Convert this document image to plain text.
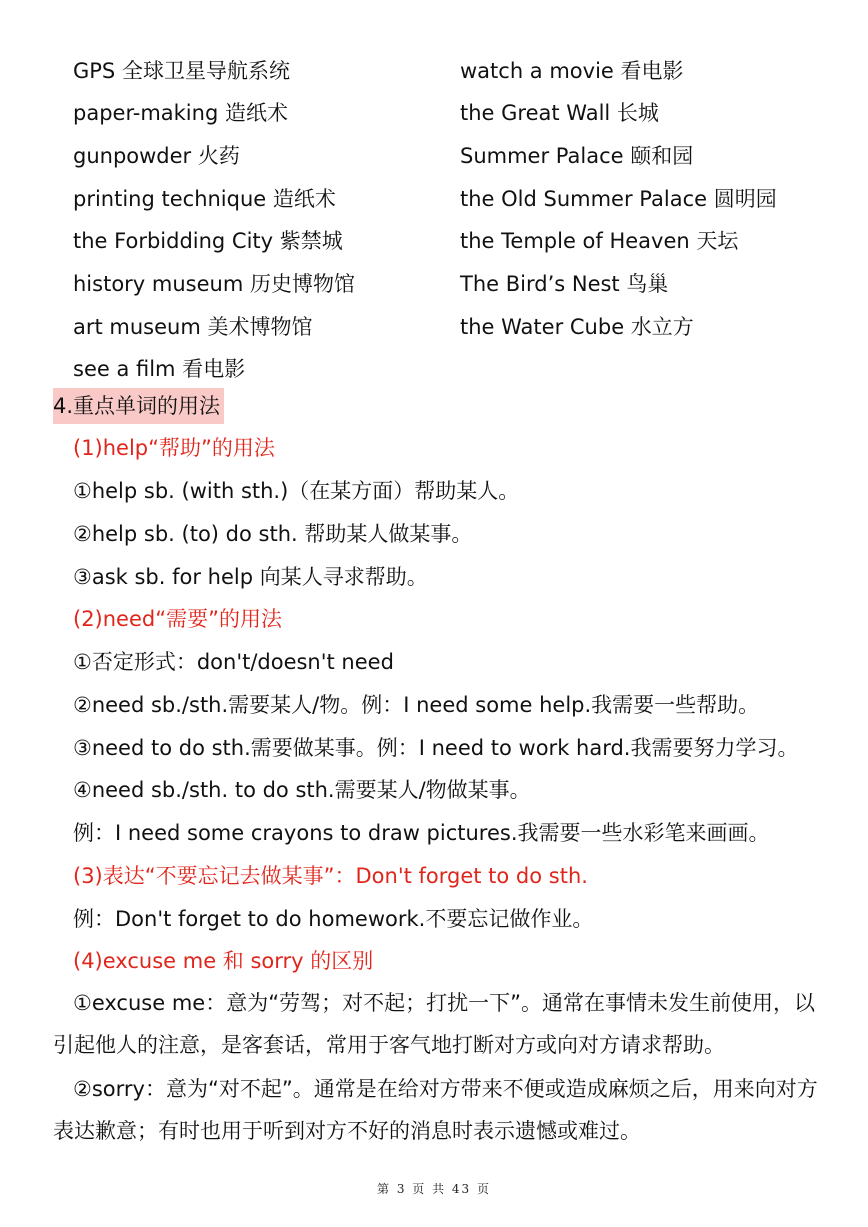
GPS 全球卫星导航系统
paper-making 造纸术
gunpowder 火药
printing technique 造纸术
the Forbidding City 紫禁城
history museum 历史博物馆
art museum 美术博物馆
see a film 看电影
watch a movie 看电影
the Great Wall 长城
Summer Palace 颐和园
the Old Summer Palace 圆明园
the Temple of Heaven 天坛
The Bird’s Nest 鸟巢
the Water Cube 水立方
4.重点单词的用法
(1)help“帮助”的用法
①help sb. (with sth.)（在某方面）帮助某人。
②help sb. (to) do sth. 帮助某人做某事。
③ask sb. for help 向某人寻求帮助。
(2)need“需要”的用法
①否定形式：don't/doesn't need
②need sb./sth.需要某人/物。例：I need some help.我需要一些帮助。
③need to do sth.需要做某事。例：I need to work hard.我需要努力学习。
④need sb./sth. to do sth.需要某人/物做某事。
例：I need some crayons to draw pictures.我需要一些水彩笔来画画。
(3)表达“不要忘记去做某事”：Don't forget to do sth.
例：Don't forget to do homework.不要忘记做作业。
(4)excuse me 和 sorry 的区别
①excuse me：意为“劳驾；对不起；打扰一下”。通常在事情未发生前使用，以引起他人的注意，是客套话，常用于客气地打断对方或向对方请求帮助。
②sorry：意为“对不起”。通常是在给对方带来不便或造成麻烦之后，用来向对方表达歉意；有时也用于听到对方不好的消息时表示遗憾或难过。
第 3 页 共 43 页
